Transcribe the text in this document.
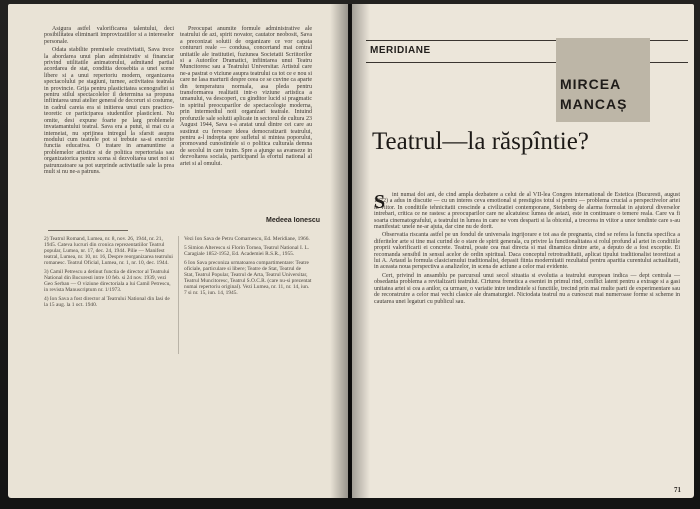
Asigura astfel valorificarea talentului, deci posibilitatea eliminarii improvizatiilor si a intereselor personale.

Odata stabilite premisele creativitatii, Sava trece la abordarea unui plan administrativ si financiar privind utilitatile animatorului, admitand partial acordarea de stat, conditia deosebita a unei scene libere si a unui repertoriu modern, organizarea spectacolului pe stagiuni, turnee, activitatea teatrala in provincie. Grija pentru plasticitatea scenografiei si pentru stilul spectacolelor il determina sa propuna infiintarea unui atelier general de decoruri si costume, in cadrul careia era si initierea unui curs practico-teoretic ce participarea studentilor plasticieni. Nu omite, desi expune foarte pe larg problemele invatamantului teatral. Sava era a putut, si mai cu a intemeiat, nu sprijinea intregul la sfarsit asupra modului cum teatrele pot si trebuie sa-si exercite functia educativa. O tratare in amanuntime a problemelor artistice si de politica repertoriala sau organizatorica pentru scena si dezvoltarea unei noi si patrunzatoare sa pot surprinde activitatile sale la prea mult si nu ne-a patruns.

Preocupat anumite formule administrative ale teatrului de azi, spirit novator, cautator neobosit, Sava a preconizat solutii de organizare ce vor capata contururi reale — condusa, concertand mai central unitatile ale institutiei, fuziunea Societatii Scriitorilor si a Autorilor Dramatici, infiintarea unui Teatru Muncitoresc sau a Teatrului Universitar. Artistul care ne-a pastrat o viziune asupra teatrului ca tot ce e nou si care ne lasa marturii despre ceea ce se cuvine ca aparte din temperatura normala, asa pleda pentru transformarea realitatii intr-o viziune artistica a umanului, va descoperi, cu ginditor lucid si pragmatic in spiritul preocuparilor de spectacologie moderna, prin intermediul noii organizari teatrale. Intuind profunzile sale solutii aplicate in sectorul de cultura 23 August 1944, Sava s-a aratat unul dintre cei care au sustinut cu fervoare ideea democratizarii teatrului, pentru a-l indrepta spre sufletul si mintea poporului, promovand cunostintele si o politica culturala demna de secolul in care traim. Spre a ajunge sa avanseze in dezvoltarea sociala, participand la efortul national al artei si al omului.

Medeea Ionescu

2) Teatrul Romand, Lumea, nr. 8, nov. 26, 1944, nr. 21, 1945. Cateva lucruri din cronica reprezentatiilor Teatrul popular, Lumea, nr. 17, dec. 24, 1944. Pilie — Manifest teatral, Lumea, nr. 10, nr. 16, Despre reorganizarea teatrului romanesc. Teatrul Oficial, Lumea, nr. 1, nr. 10, dec. 1944.

3) Camil Petrescu a detinut functia de director al Teatrului National din Bucuresti intre 10 feb. si 24 nov. 1939, vezi Geo Serban — O viziune directoriala a lui Camil Petrescu, in revista Manuscriptum nr. 1/1973.

4) Ion Sava a fost director al Teatrului National din Iasi de la 15 aug. la 1 oct. 1940.

Vezi Ion Sava de Petru Comarnescu, Ed. Meridiane, 1966.

5 Simion Alterescu si Florin Tornea, Teatrul National I. L. Caragiale 1852-1952, Ed. Academiei R.S.R., 1955.

6 Ion Sava preconiza urmatoarea compartimentare: Teatre oficiale, particulare si libere; Teatre de Stat, Teatrul de Stat, Teatrul Popular, Teatrul de Arta, Teatrul Universitar, Teatrul Muncitoresc, Teatrul S.O.C.R. (care nu-si prezentat numai repertoriu original). Vezi Lumea, nr. 11, nr. 14, iun. 7 si nr. 15, iun. 14, 1945.

MERIDIANE
MIRCEA
MANCAȘ
Teatrul—la răspîntie?
S	int numai doi ani, de cind ampla dezbatere a celui de al VII-lea Congres international de Estetica (Bucuresti, august 1972) a adus in discutie — cu un interes ceva emotional si prestigios totul si pentru — problema crucial a perspectivelor artei in viitor. In conditiile tehnicitatii crescinde a civilizatiei contemporane, Steinberg de alarma formulat in ajutorul diverselor intrebari, critica ce ne rastesc a preocuparilor care ne alcatuiesc lumea de astazi, este in continuare o temere reala. Care va fi soarta cinematografului, a teatrului in lumea in care ne vom desparti si la obiceiul, a trecerea in viitor a unor tendinte care s-au manifestat: unele ne-ar ajuta, dar cine nu de dorit.

Observatia riscanta astfel pe un fondul de universala ingrijorare e tot asa de pregnanta, cind se refera la functia specifica a diferitelor arte si tine mai curind de o stare de spirit generala, cu privire la functionalitatea si rolul profund al artei in conditiile proprii valorificarii ei concrete. Teatrul, poate cea mai directa si mai dinamica dintre arte, a deputo de a fost exceptie. Ei recomanda sensibil in sensul acelor de ordin spiritual. Daca conceptul retrotradiitatii, aplicat tipului traditionalist teoretizat a lui A. Artaud la formula clasicismului traditionalist, depasit fiinta modernitatii rezultatul pentru aparitia curentului actualitatii, in aceasta noua perspectiva a analizelor, in scena de actiune a celor mai evidente.

Cert, privind in ansamblu pe parcursul unui secol situatia si evolutia a teatrului european indica — dept centrala — obsedanta problema a revitalizarii teatrului. Cirturea frenetica a esentei in primul rind, conflict latent pentru a extrage si a gasi unitatea artei si cea a anilor, ca urmare, o variatie intre tendintele si functiile, trecind prin mai multe parti de experimentare sau de reconstruire a celor mai vechi clasice ale dramaturgiei. Niciodata teatrul nu a cunoscut mai numeroase forme si scheme in cautarea unei legaturi cu publicul sau.

71
